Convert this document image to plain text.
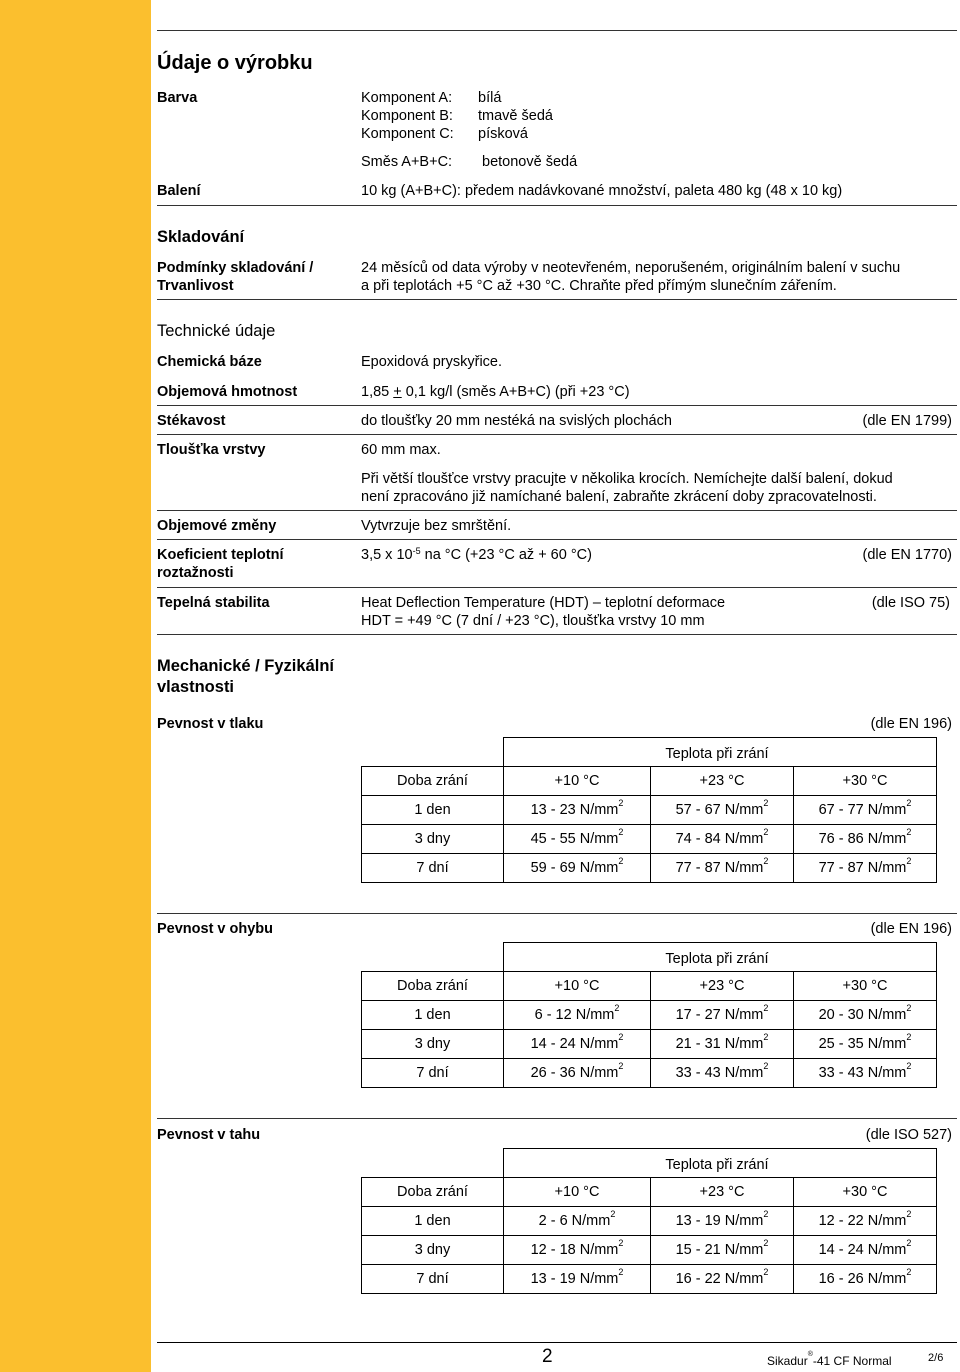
Údaje o výrobku
Barva	Komponent A: bílá
Komponent B: tmavě šedá
Komponent C: písková
Směs A+B+C: betonově šedá
Balení	10 kg (A+B+C): předem nadávkované množství, paleta 480 kg (48 x 10 kg)
Skladování
Podmínky skladování /
Trvanlivost
24 měsíců od data výroby v neotevřeném, neporušeném, originálním balení v suchu
a při teplotách +5 °C až +30 °C. Chraňte před přímým slunečním zářením.
Technické údaje
Chemická báze	Epoxidová pryskyřice.
Objemová hmotnost	1,85 + 0,1 kg/l (směs A+B+C) (při +23 °C)
Stékavost	do tloušťky 20 mm nestéká na svislých plochách	(dle EN 1799)
Tloušťka vrstvy	60 mm max.
Při větší tloušťce vrstvy pracujte v několika krocích. Nemíchejte další balení, dokud
není zpracováno již namíchané balení, zabraňte zkrácení doby zpracovatelnosti.
Objemové změny	Vytvrzuje bez smrštění.
Koeficient teplotní
roztažnosti
3,5 x $10^{-5}$ na °C (+23 °C až + 60 °C)	(dle EN 1770)
Tepelná stabilita	Heat Deflection Temperature (HDT) – teplotní deformace	(dle ISO 75)
HDT = +49 °C (7 dní / +23 °C), tloušťka vrstvy 10 mm
Mechanické / Fyzikální
vlastnosti
Pevnost v tlaku	(dle EN 196)
Teplota při zrání

Doba zrání	+10 °C	+23 °C	+30 °C
1 den	13 - 23 $N/mm^2$	57 - 67 $N/mm^2$	67 - 77 $N/mm^2$
3 dny	45 - 55 $N/mm^2$	74 - 84 $N/mm^2$	76 - 86 $N/mm^2$
7 dní	59 - 69 $N/mm^2$	77 - 87 $N/mm^2$	77 - 87 $N/mm^2$
Pevnost v ohybu	(dle EN 196)
Teplota při zrání

Doba zrání	+10 °C	+23 °C	+30 °C
1 den	6 - 12 $N/mm^2$	17 - 27 $N/mm^2$	20 - 30 $N/mm^2$
3 dny	14 - 24 $N/mm^2$	21 - 31 $N/mm^2$	25 - 35 $N/mm^2$
7 dní	26 - 36 $N/mm^2$	33 - 43 $N/mm^2$	33 - 43 $N/mm^2$
Pevnost v tahu	(dle ISO 527)
Teplota při zrání

Doba zrání	+10 °C	+23 °C	+30 °C
1 den	2 - 6 $N/mm^2$	13 - 19 $N/mm^2$	12 - 22 $N/mm^2$
3 dny	12 - 18 $N/mm^2$	15 - 21 $N/mm^2$	14 - 24 $N/mm^2$
7 dní	13 - 19 $N/mm^2$	16 - 22 $N/mm^2$	16 - 26 $N/mm^2$
2	Sikadur®-41 CF Normal	2/6
